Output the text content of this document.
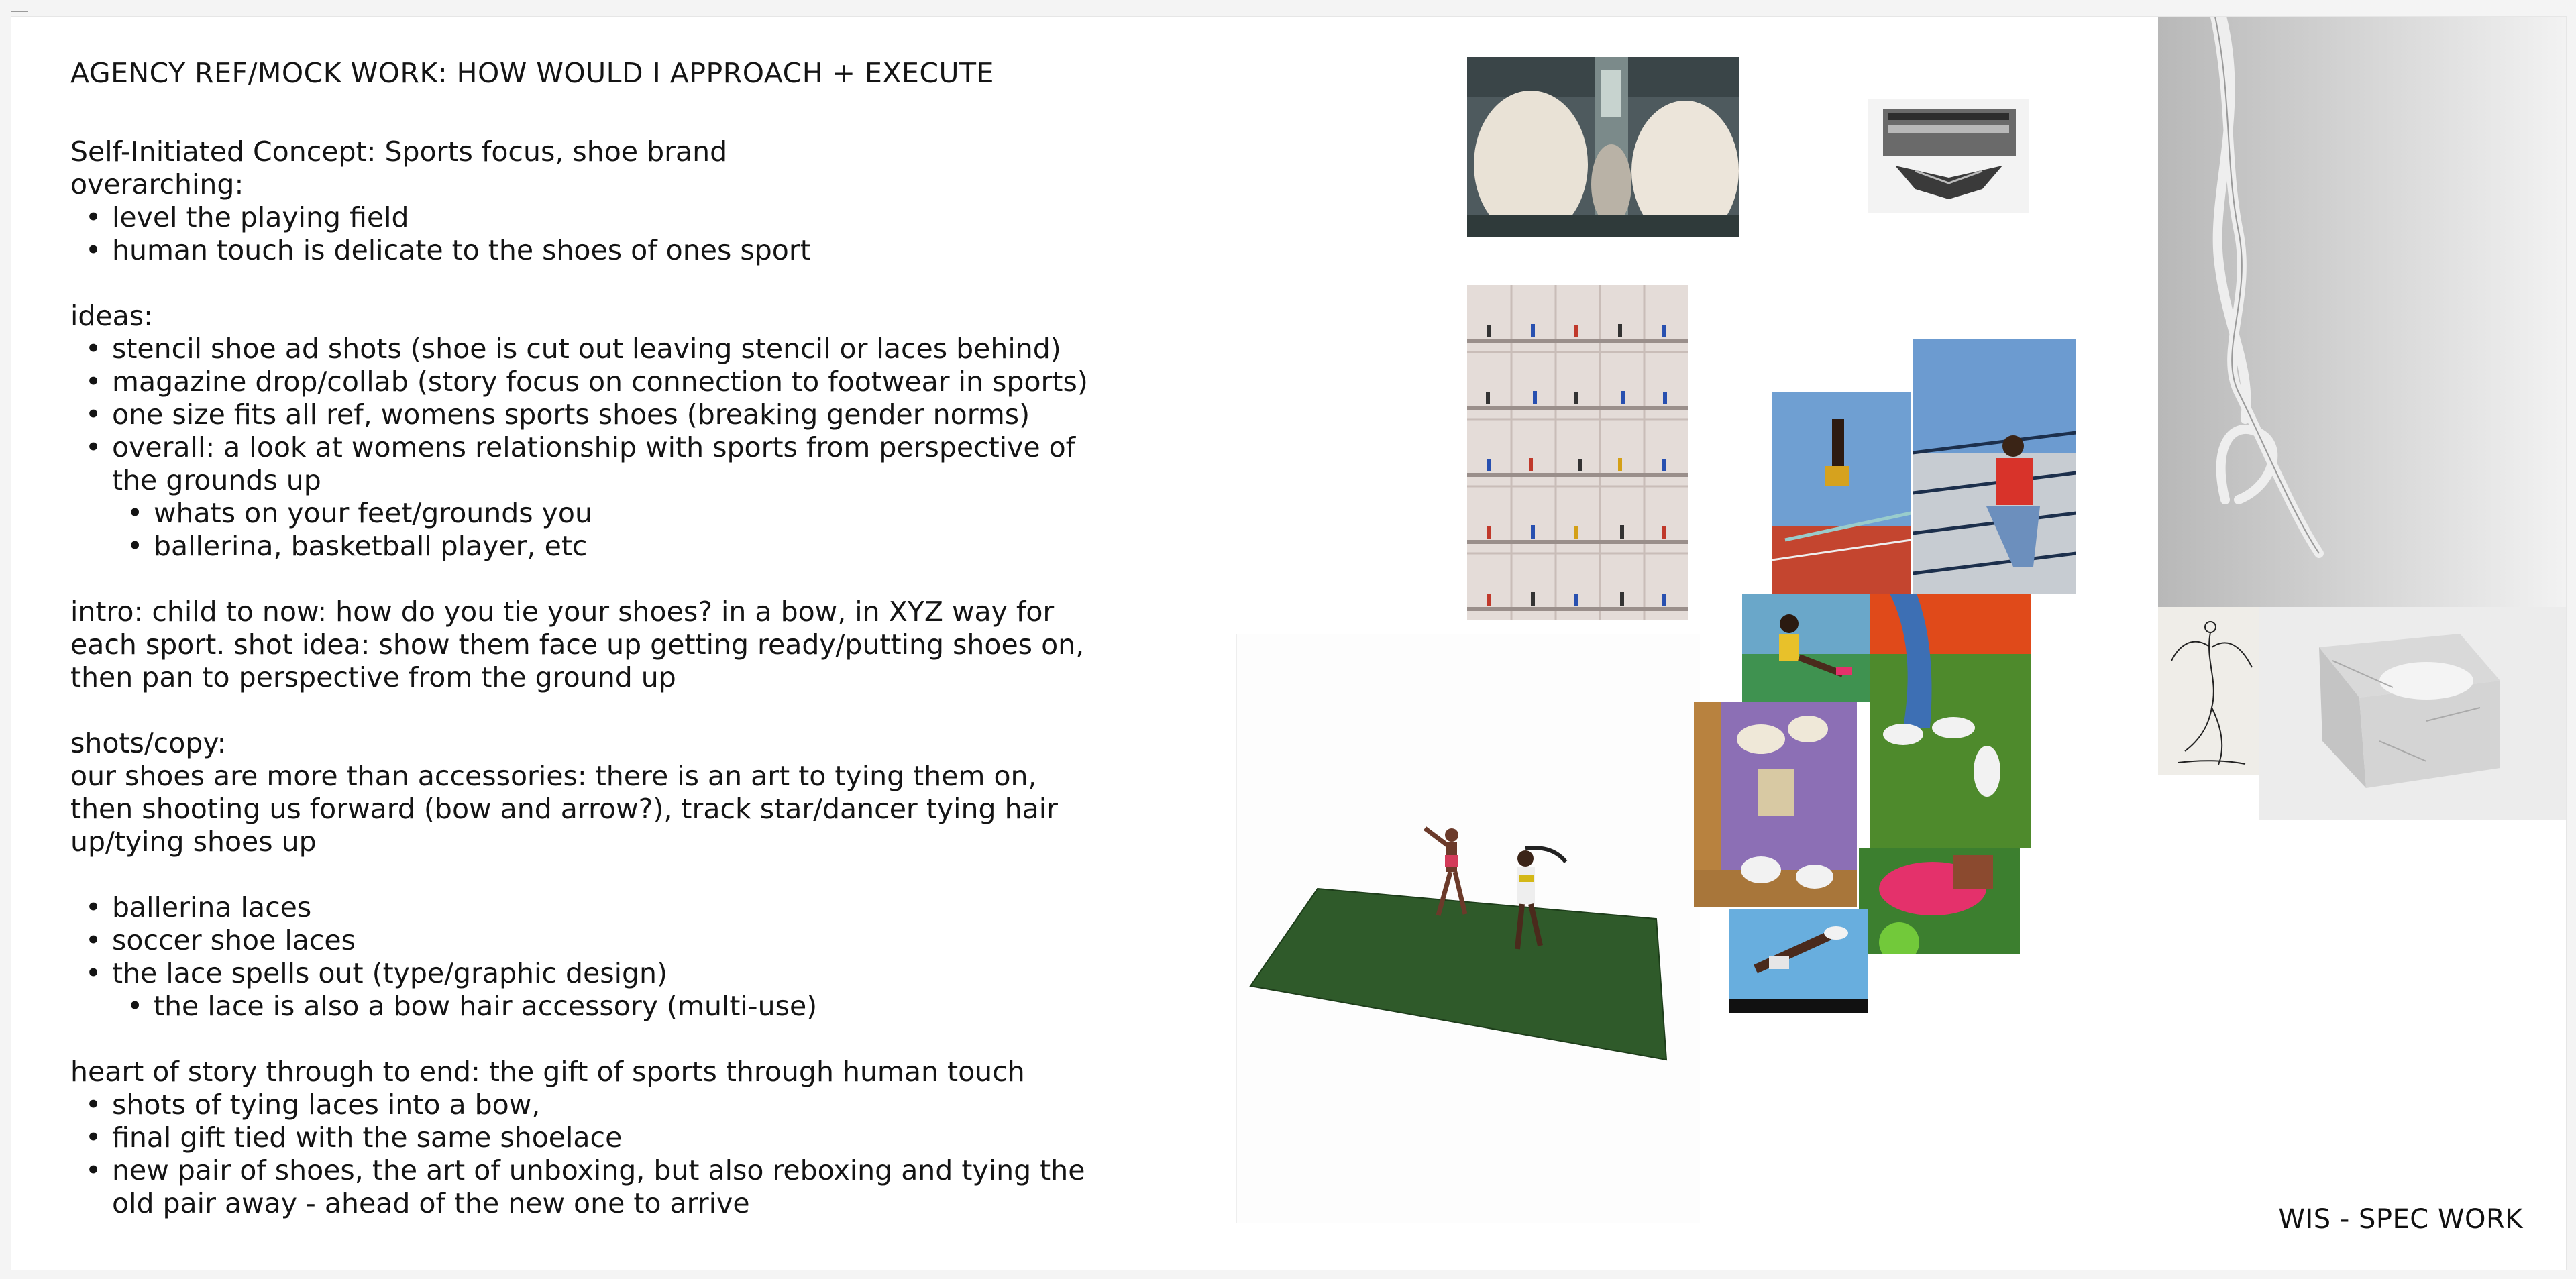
AGENCY REF/MOCK WORK: HOW WOULD I APPROACH + EXECUTE

Self-Initiated Concept: Sports focus, shoe brand

overarching:

• level the playing field
• human touch is delicate to the shoes of ones sport

ideas:

• stencil shoe ad shots (shoe is cut out leaving stencil or laces behind)
• magazine drop/collab (story focus on connection to footwear in sports)
• one size fits all ref, womens sports shoes (breaking gender norms)
• overall: a look at womens relationship with sports from perspective of
the grounds up
• whats on your feet/grounds you
• ballerina, basketball player, etc

intro: child to now: how do you tie your shoes? in a bow, in XYZ way for

each sport. shot idea: show them face up getting ready/putting shoes on,

then pan to perspective from the ground up

shots/copy:

our shoes are more than accessories: there is an art to tying them on,

then shooting us forward (bow and arrow?), track star/dancer tying hair

up/tying shoes up

• ballerina laces
• soccer shoe laces
• the lace spells out (type/graphic design)
• the lace is also a bow hair accessory (multi-use)

heart of story through to end: the gift of sports through human touch

• shots of tying laces into a bow,
• final gift tied with the same shoelace
• new pair of shoes, the art of unboxing, but also reboxing and tying the
old pair away - ahead of the new one to arrive
	WIS - SPEC WORK
